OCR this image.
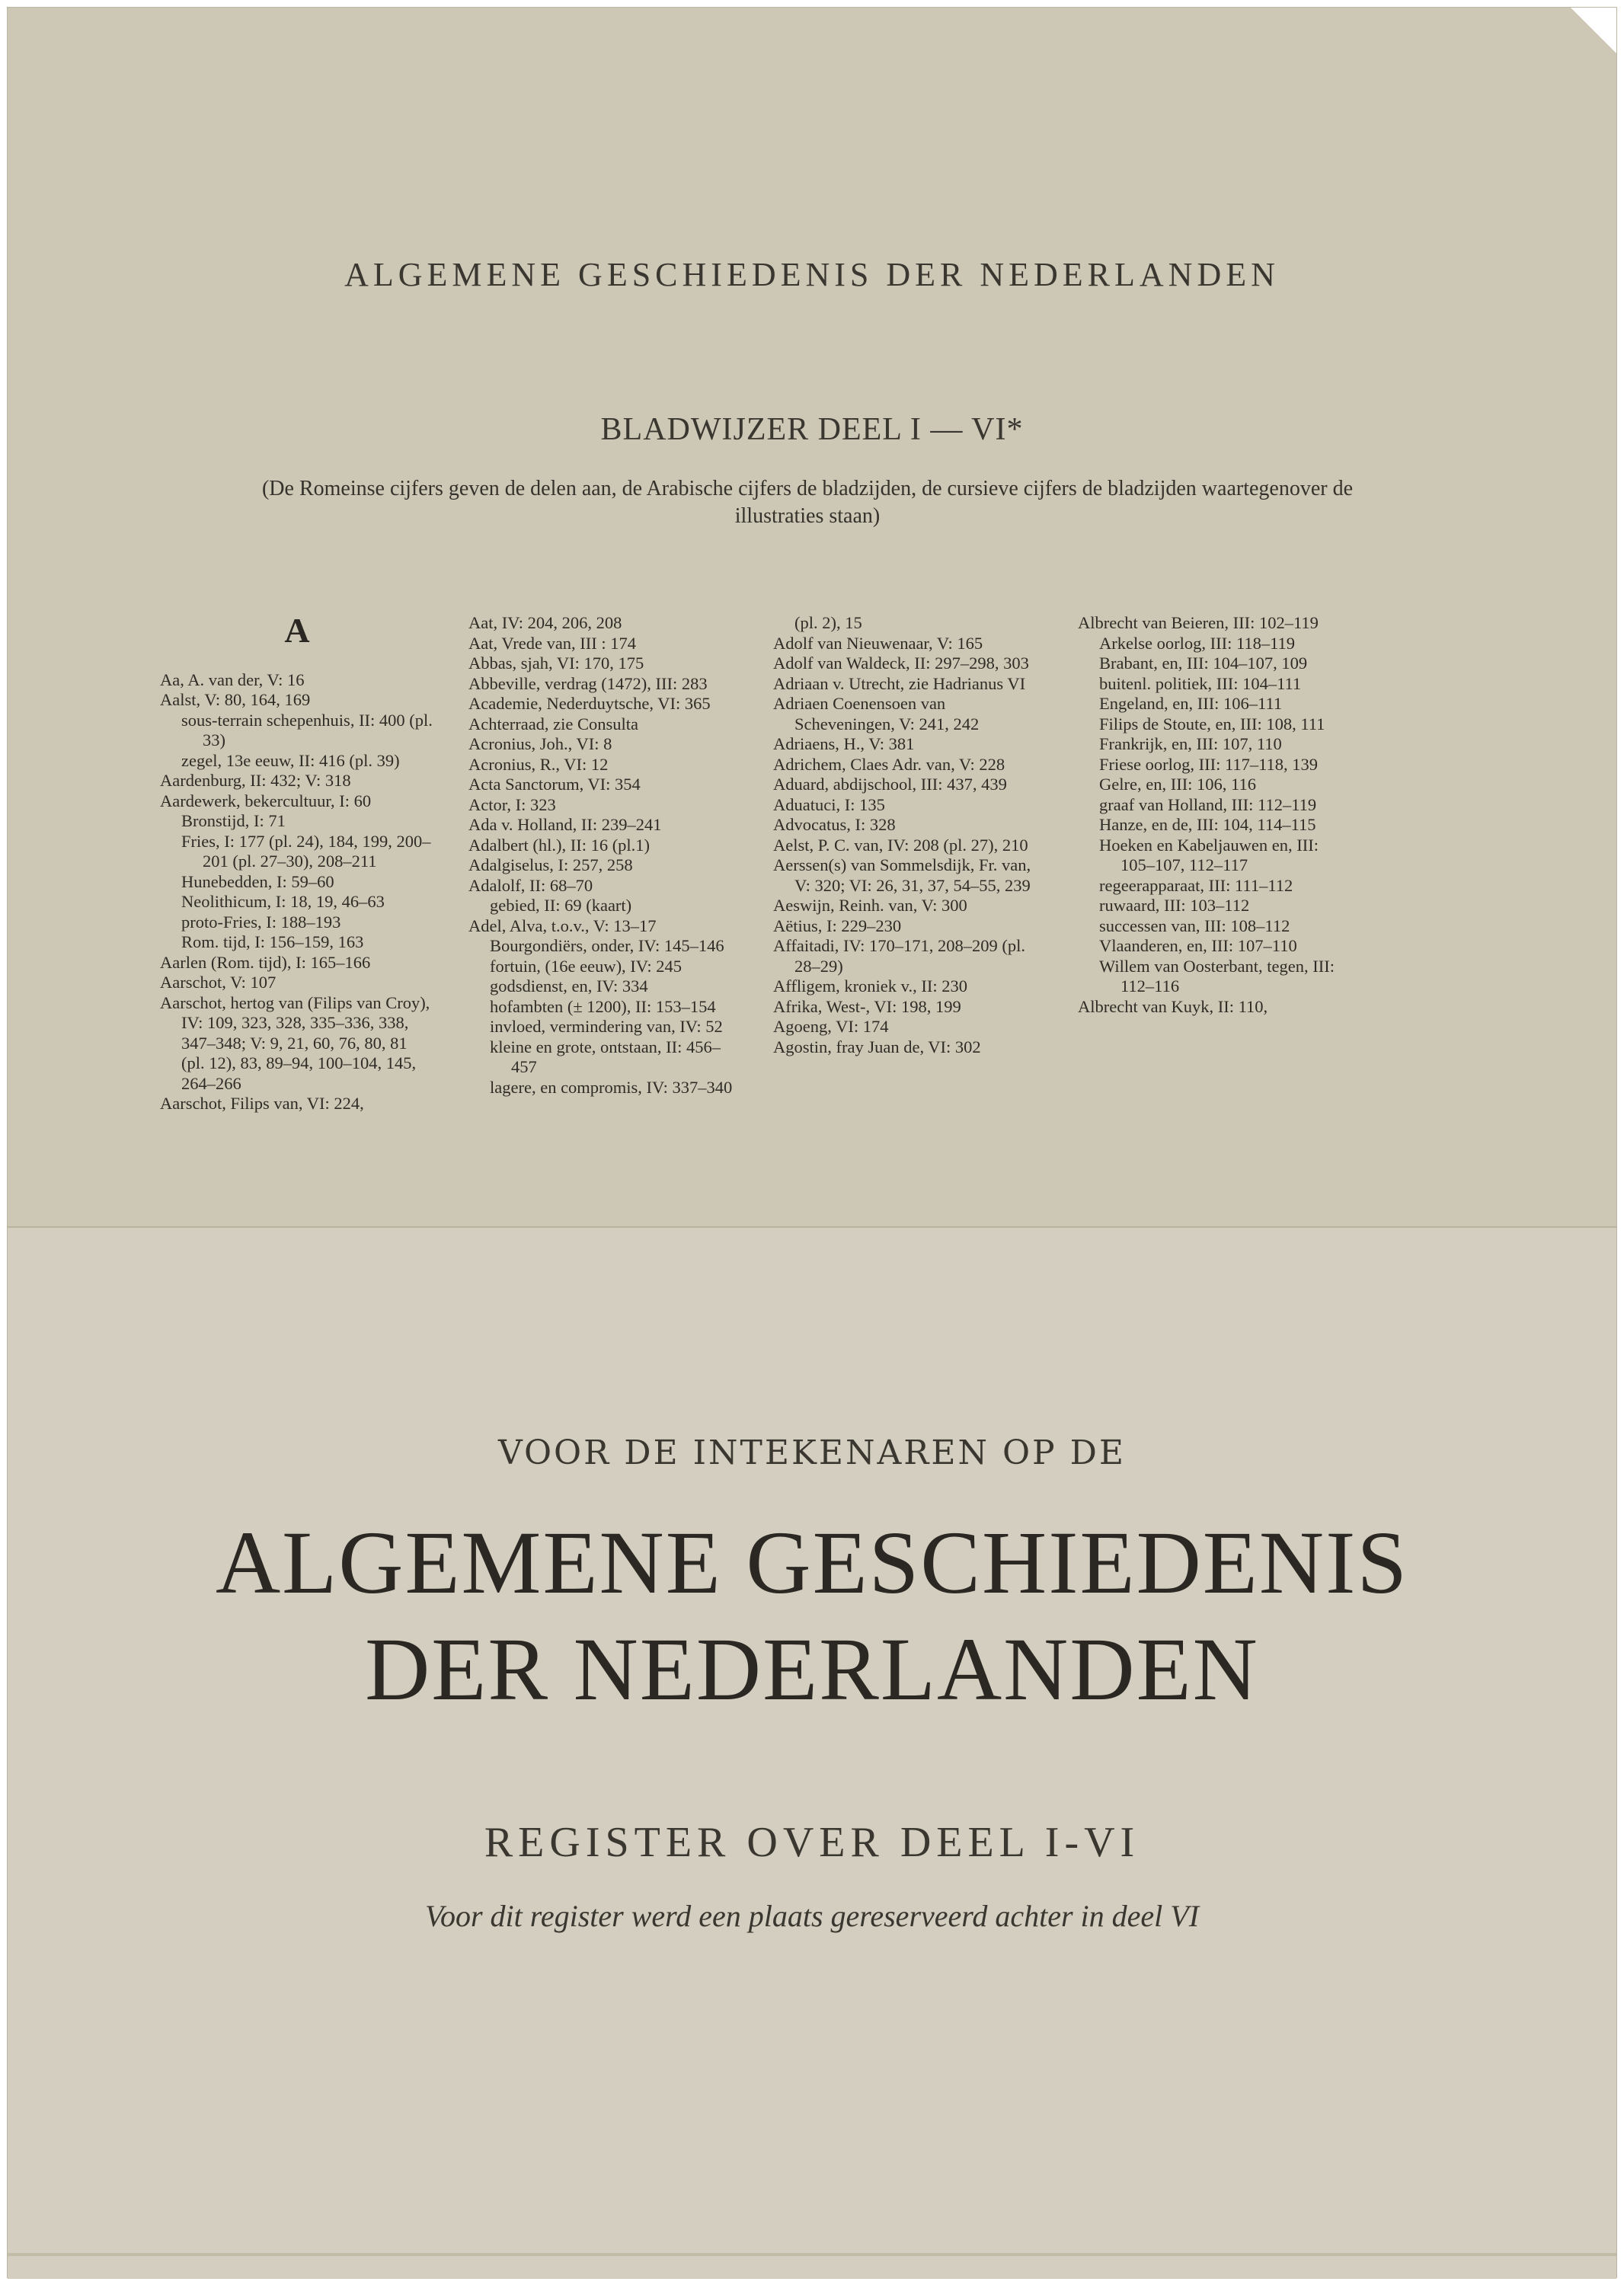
ALGEMENE GESCHIEDENIS DER NEDERLANDEN
BLADWIJZER DEEL I — VI*
(De Romeinse cijfers geven de delen aan, de Arabische cijfers de bladzijden, de cursieve cijfers de bladzijden waartegenover de illustraties staan)
A
Aa, A. van der, V: 16
Aalst, V: 80, 164, 169
sous-terrain schepenhuis, II: 400 (pl. 33)
zegel, 13e eeuw, II: 416 (pl. 39)
Aardenburg, II: 432; V: 318
Aardewerk, bekercultuur, I: 60
Bronstijd, I: 71
Fries, I: 177 (pl. 24), 184, 199, 200–201 (pl. 27–30), 208–211
Hunebedden, I: 59–60
Neolithicum, I: 18, 19, 46–63
proto-Fries, I: 188–193
Rom. tijd, I: 156–159, 163
Aarlen (Rom. tijd), I: 165–166
Aarschot, V: 107
Aarschot, hertog van (Filips van Croy), IV: 109, 323, 328, 335–336, 338, 347–348; V: 9, 21, 60, 76, 80, 81 (pl. 12), 83, 89–94, 100–104, 145, 264–266
Aarschot, Filips van, VI: 224,
Aat, IV: 204, 206, 208
Aat, Vrede van, III : 174
Abbas, sjah, VI: 170, 175
Abbeville, verdrag (1472), III: 283
Academie, Nederduytsche, VI: 365
Achterraad, zie Consulta
Acronius, Joh., VI: 8
Acronius, R., VI: 12
Acta Sanctorum, VI: 354
Actor, I: 323
Ada v. Holland, II: 239–241
Adalbert (hl.), II: 16 (pl.1)
Adalgiselus, I: 257, 258
Adalolf, II: 68–70
gebied, II: 69 (kaart)
Adel, Alva, t.o.v., V: 13–17
Bourgondiërs, onder, IV: 145–146
fortuin, (16e eeuw), IV: 245
godsdienst, en, IV: 334
hofambten (± 1200), II: 153–154
invloed, vermindering van, IV: 52
kleine en grote, ontstaan, II: 456–457
lagere, en compromis, IV: 337–340
(pl. 2), 15
Adolf van Nieuwenaar, V: 165
Adolf van Waldeck, II: 297–298, 303
Adriaan v. Utrecht, zie Hadrianus VI
Adriaen Coenensoen van Scheveningen, V: 241, 242
Adriaens, H., V: 381
Adrichem, Claes Adr. van, V: 228
Aduard, abdijschool, III: 437, 439
Aduatuci, I: 135
Advocatus, I: 328
Aelst, P. C. van, IV: 208 (pl. 27), 210
Aerssen(s) van Sommelsdijk, Fr. van, V: 320; VI: 26, 31, 37, 54–55, 239
Aeswijn, Reinh. van, V: 300
Aëtius, I: 229–230
Affaitadi, IV: 170–171, 208–209 (pl. 28–29)
Affligem, kroniek v., II: 230
Afrika, West-, VI: 198, 199
Agoeng, VI: 174
Agostin, fray Juan de, VI: 302
Albrecht van Beieren, III: 102–119
Arkelse oorlog, III: 118–119
Brabant, en, III: 104–107, 109
buitenl. politiek, III: 104–111
Engeland, en, III: 106–111
Filips de Stoute, en, III: 108, 111
Frankrijk, en, III: 107, 110
Friese oorlog, III: 117–118, 139
Gelre, en, III: 106, 116
graaf van Holland, III: 112–119
Hanze, en de, III: 104, 114–115
Hoeken en Kabeljauwen en, III: 105–107, 112–117
regeerapparaat, III: 111–112
ruwaard, III: 103–112
successen van, III: 108–112
Vlaanderen, en, III: 107–110
Willem van Oosterbant, tegen, III: 112–116
Albrecht van Kuyk, II: 110,
VOOR DE INTEKENAREN OP DE
ALGEMENE GESCHIEDENIS
DER NEDERLANDEN
REGISTER OVER DEEL I-VI
Voor dit register werd een plaats gereserveerd achter in deel VI
